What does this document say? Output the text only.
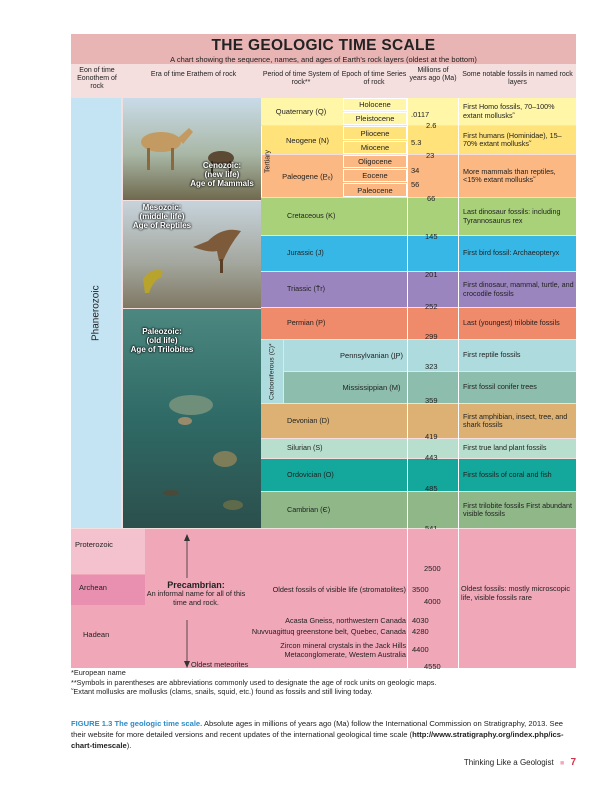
THE GEOLOGIC TIME SCALE
A chart showing the sequence, names, and ages of Earth’s rock layers (oldest at the bottom)
Eon of time Eonothem of rock
Era of time Erathem of rock	Period of time System of rock**
Epoch of time Series of rock
Millions of years ago (Ma)
Some notable fossils in named rock layers
Phanerozoic
Cenozoic:
(new life)
Age of Mammals
Mesozoic:
(middle life)
Age of Reptiles
Paleozoic:
(old life)
Age of Trilobites
Quaternary (Q)
Tertiary
Neogene (N)
Paleogene (P̲ₑ)
Holocene
Pleistocene
Pliocene
Miocene
Oligocene
Eocene
Paleocene
Cretaceous (K)
Jurassic (J)
Triassic (T̄r)
Permian (P)
Carboniferous (C)*	Pennsylvanian (I̲P)
Mississippian (M)
Devonian (D)
Silurian (S)
Ordovician (O)
Cambrian (Є)
First Homo fossils, 70–100% extant mollusks˜
First humans (Hominidae), 15–70% extant mollusks˜
More mammals than reptiles, <15% extant mollusks˜
Last dinosaur fossils: including Tyrannosaurus rex
First bird fossil: Archaeopteryx
First dinosaur, mammal, turtle, and crocodile fossils
Last (youngest) trilobite fossils
First reptile fossils
First fossil conifer trees
First amphibian, insect, tree, and shark fossils
First true land plant fossils
First fossils of coral and fish
First trilobite fossils First abundant visible fossils
.0117
2.6
5.3
23
34
56
66
145
201
252
299
323
359
419
443
485
Proterozoic
Archean
Hadean
Precambrian:
An informal name for all of this time and rock.
Oldest fossils of visible life (stromatolites)
Acasta Gneiss, northwestern Canada
Nuvvuagittuq greenstone belt, Quebec, Canada
Zircon mineral crystals in the Jack Hills Metaconglomerate, Western Australia
Oldest meteorites
2500
3500
4000
4030
4280
4400
4550
Oldest fossils: mostly microscopic life, visible fossils rare
*European name
**Symbols in parentheses are abbreviations commonly used to designate the age of rock units on geologic maps.
˜Extant mollusks are mollusks (clams, snails, squid, etc.) found as fossils and still living today.
FIGURE 1.3 The geologic time scale. Absolute ages in millions of years ago (Ma) follow the International Commission on Stratigraphy, 2013. See their website for more detailed versions and recent updates of the international geological time scale (http://www.stratigraphy.org/index.php/ics-chart-timescale).
Thinking Like a Geologist ■ 7
